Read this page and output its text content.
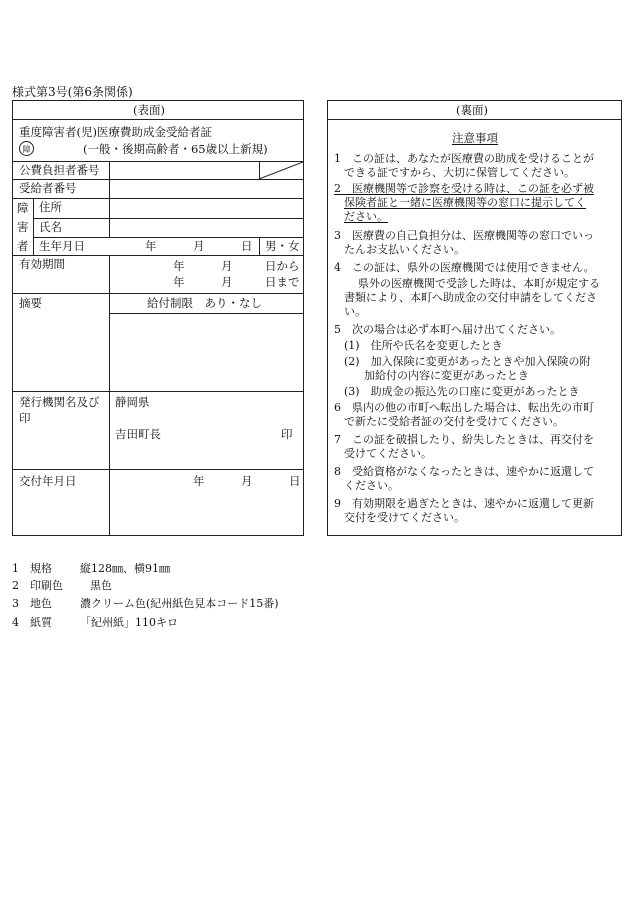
様式第3号(第6条関係)
(表面)
重度障害者(児)医療費助成金受給者証
障	(一般・後期高齢者・65歳以上新規)
公費負担者番号
受給者番号
障
害
者
住所
氏名
生年月日	年	月	日 男・女
有効期間	年	月	日から
年	月	日まで
摘要	給付制限　あり・なし
発行機関名及び
印
静岡県
吉田町長	印
交付年月日	年	月	日
(裏面)
注意事項
1　この証は、あなたが医療費の助成を受けることが
できる証ですから、大切に保管してください。
2　医療機関等で診察を受ける時は、この証を必ず被
保険者証と一緒に医療機関等の窓口に提示してく
ださい。
3　医療費の自己負担分は、医療機関等の窓口でいっ
たんお支払いください。
4　この証は、県外の医療機関では使用できません。
県外の医療機関で受診した時は、本町が規定する
書類により、本町へ助成金の交付申請をしてくださ
い。
5　次の場合は必ず本町へ届け出てください。
(1)　住所や氏名を変更したとき
(2)　加入保険に変更があったときや加入保険の附
加給付の内容に変更があったとき
(3)　助成金の振込先の口座に変更があったとき
6　県内の他の市町へ転出した場合は、転出先の市町
で新たに受給者証の交付を受けてください。
7　この証を破損したり、紛失したときは、再交付を
受けてください。
8　受給資格がなくなったときは、速やかに返還して
ください。
9　有効期限を過ぎたときは、速やかに返還して更新
交付を受けてください。
1 規格	縦128㎜、横91㎜
2 印刷色 黒色
3 地色	濃クリーム色(紀州紙色見本コード15番)
4 紙質	「紀州紙」110キロ
